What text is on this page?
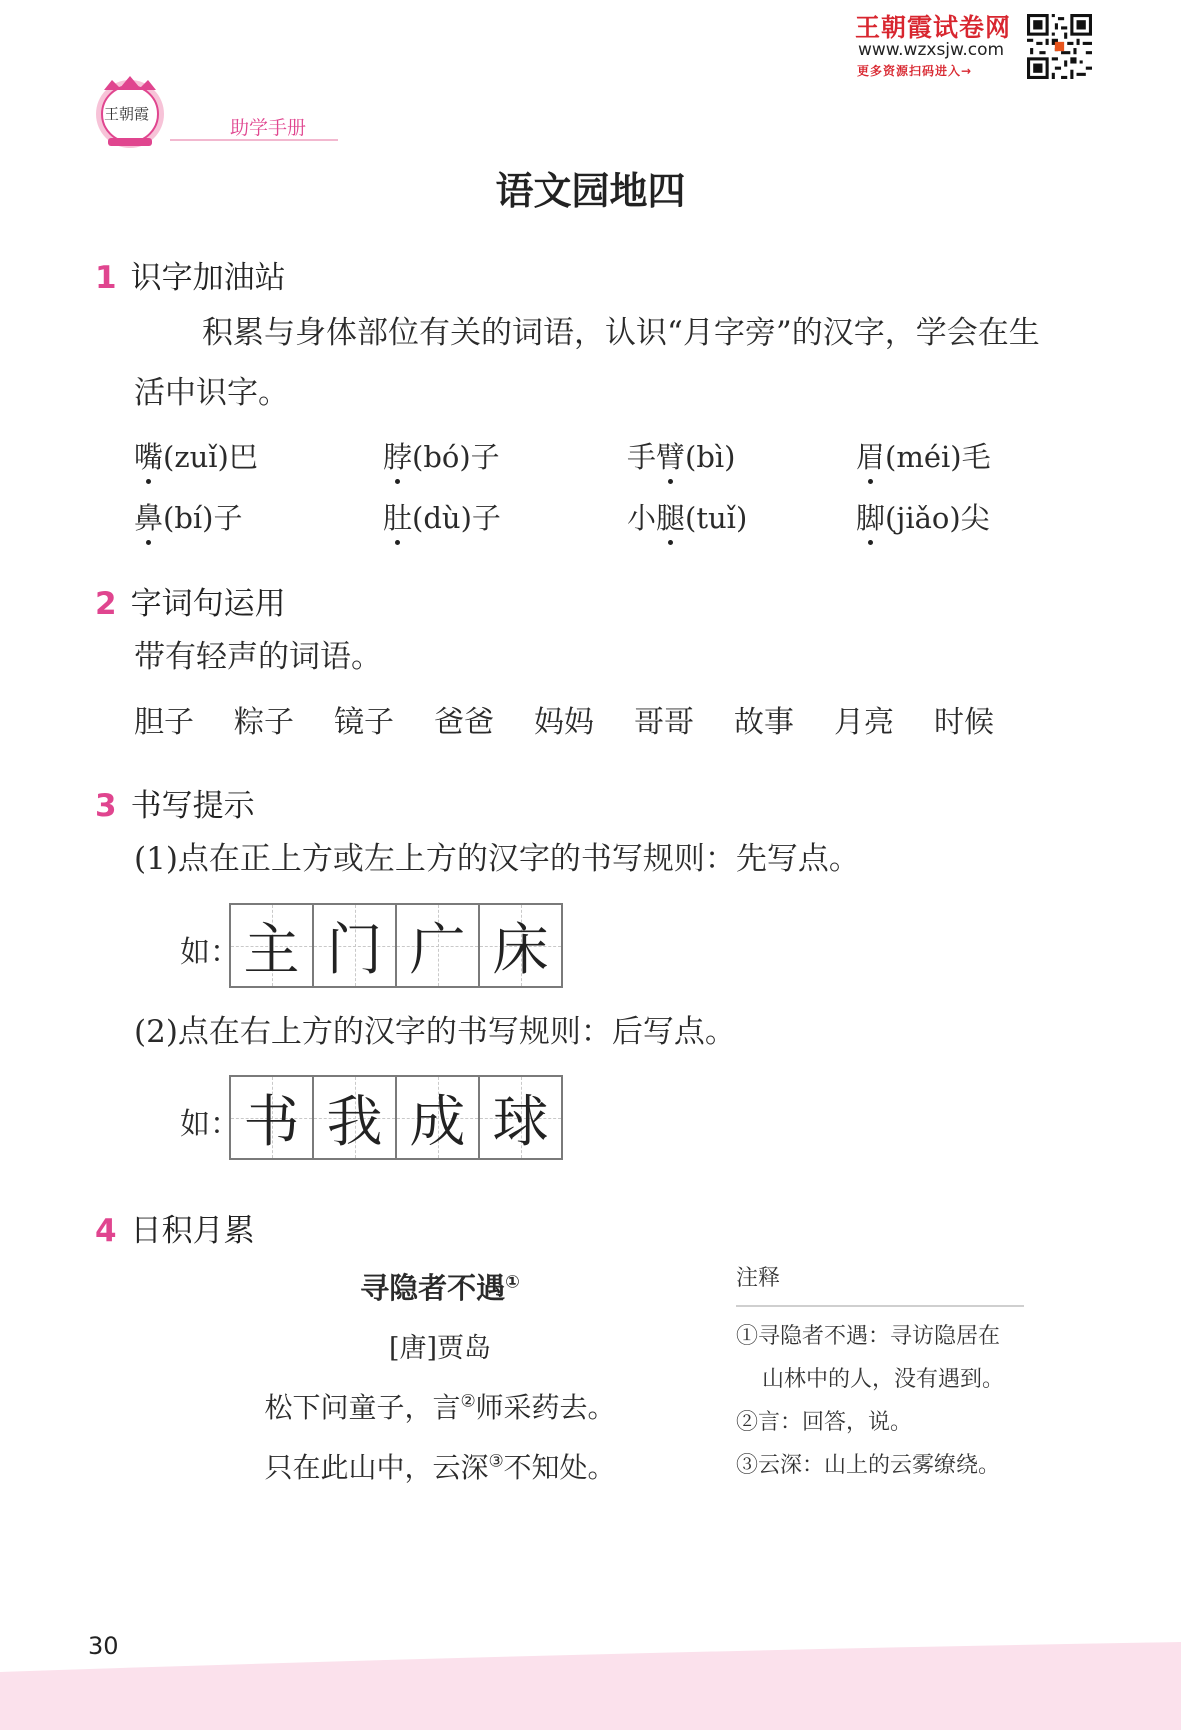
王朝霞试卷网
www.wzxsjw.com
更多资源扫码进入→
王朝霞
助学手册
语文园地四
1 识字加油站
积累与身体部位有关的词语，认识“月字旁”的汉字，学会在生
活中识字。
嘴(zuǐ)巴	脖(bó)子	手臂(bì)	眉(méi)毛
鼻(bí)子	肚(dù)子	小腿(tuǐ)	脚(jiǎo)尖
2 字词句运用
带有轻声的词语。
胆子 粽子 镜子 爸爸 妈妈 哥哥 故事 月亮 时候
3 书写提示
(1)点在正上方或左上方的汉字的书写规则：先写点。
如： 主 门 广 床
(2)点在右上方的汉字的书写规则：后写点。
如： 书 我 成 球
4 日积月累
寻隐者不遇①
[唐]贾岛
松下问童子，言②师采药去。
只在此山中，云深③不知处。
注释
①寻隐者不遇：寻访隐居在
山林中的人，没有遇到。
②言：回答，说。
③云深：山上的云雾缭绕。
30
